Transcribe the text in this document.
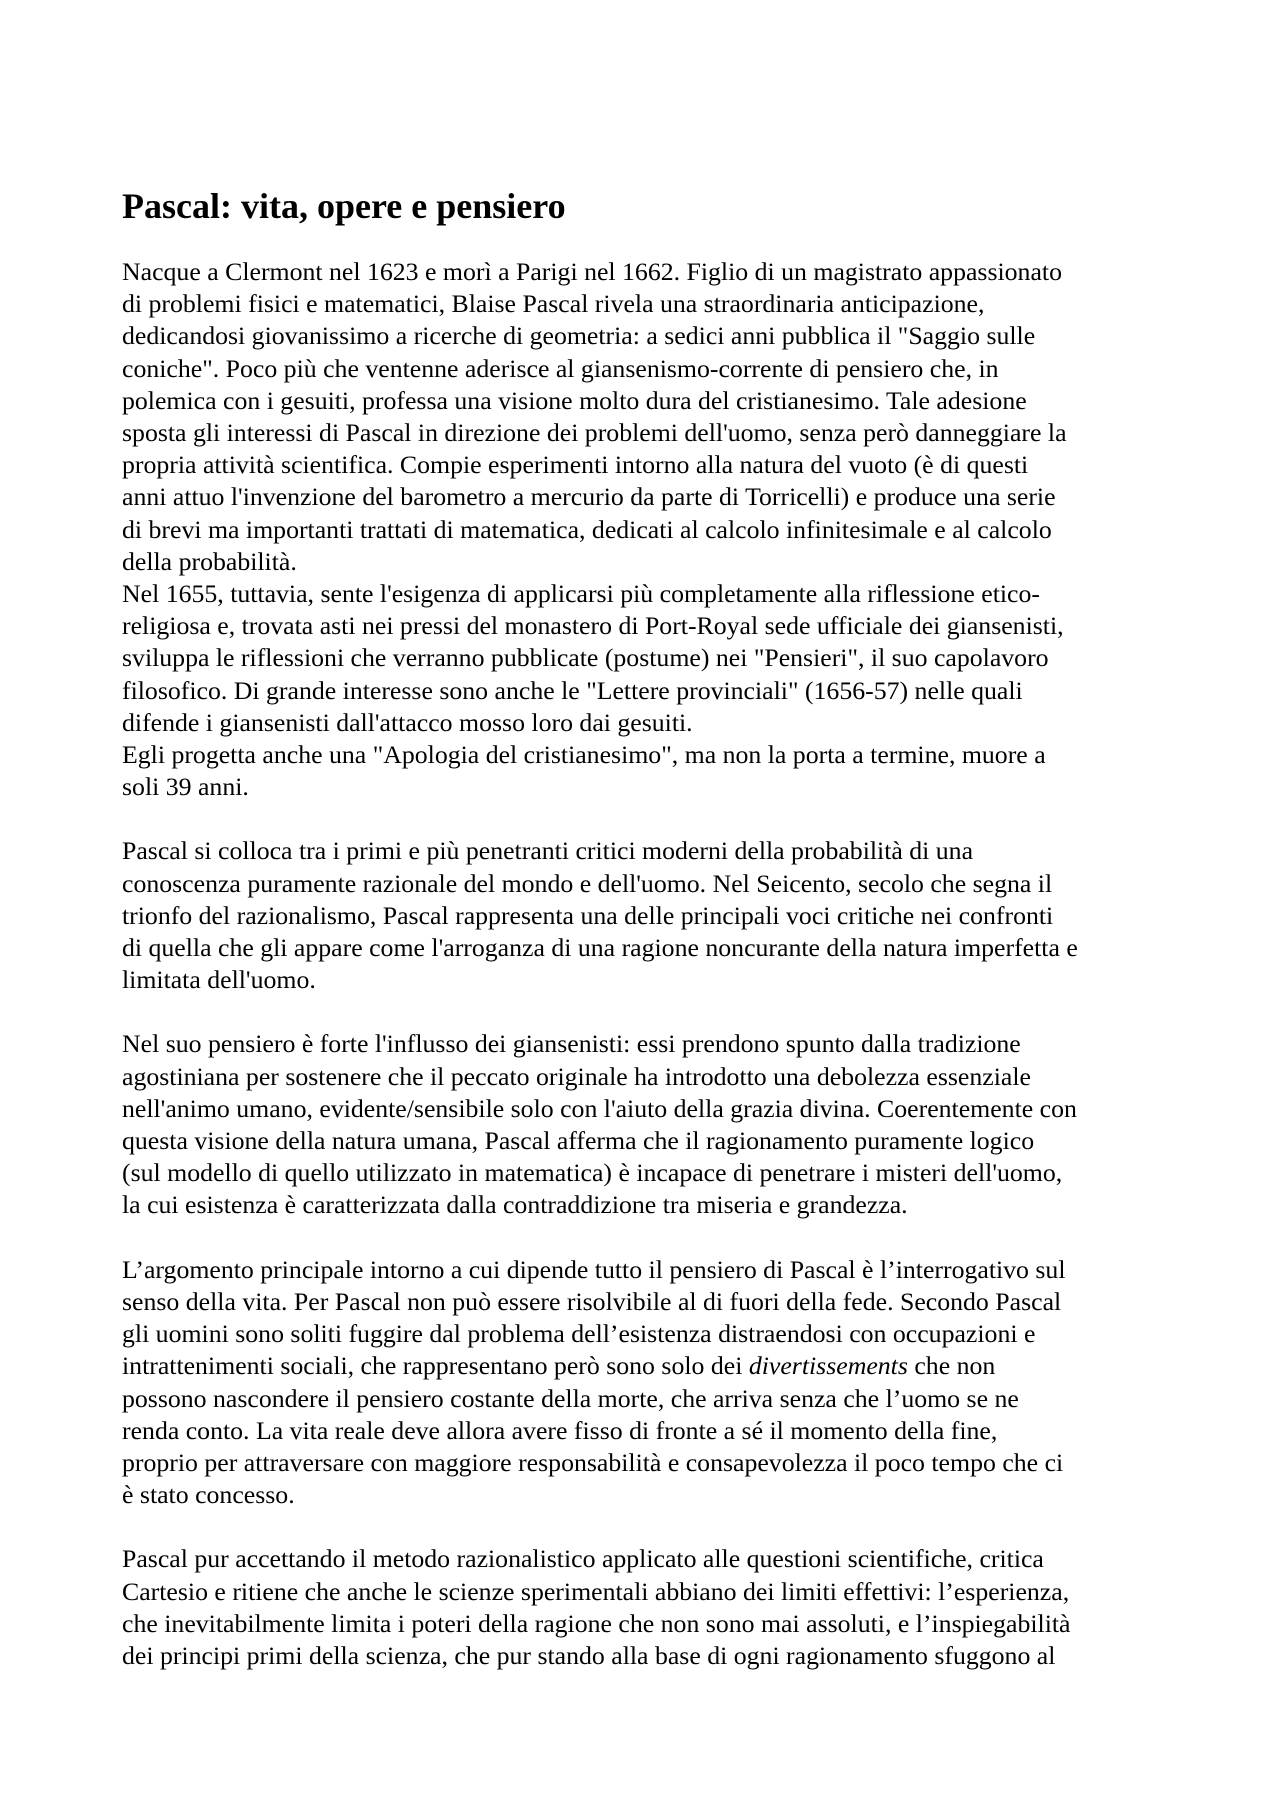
Pascal: vita, opere e pensiero

Nacque a Clermont nel 1623 e morì a Parigi nel 1662. Figlio di un magistrato appassionato
di problemi fisici e matematici, Blaise Pascal rivela una straordinaria anticipazione,
dedicandosi giovanissimo a ricerche di geometria: a sedici anni pubblica il "Saggio sulle
coniche". Poco più che ventenne aderisce al giansenismo-corrente di pensiero che, in
polemica con i gesuiti, professa una visione molto dura del cristianesimo. Tale adesione
sposta gli interessi di Pascal in direzione dei problemi dell'uomo, senza però danneggiare la
propria attività scientifica. Compie esperimenti intorno alla natura del vuoto (è di questi
anni attuo l'invenzione del barometro a mercurio da parte di Torricelli) e produce una serie
di brevi ma importanti trattati di matematica, dedicati al calcolo infinitesimale e al calcolo
della probabilità.
Nel 1655, tuttavia, sente l'esigenza di applicarsi più completamente alla riflessione etico-
religiosa e, trovata asti nei pressi del monastero di Port-Royal sede ufficiale dei giansenisti,
sviluppa le riflessioni che verranno pubblicate (postume) nei "Pensieri", il suo capolavoro
filosofico. Di grande interesse sono anche le "Lettere provinciali" (1656-57) nelle quali
difende i giansenisti dall'attacco mosso loro dai gesuiti.
Egli progetta anche una "Apologia del cristianesimo", ma non la porta a termine, muore a
soli 39 anni.

Pascal si colloca tra i primi e più penetranti critici moderni della probabilità di una
conoscenza puramente razionale del mondo e dell'uomo. Nel Seicento, secolo che segna il
trionfo del razionalismo, Pascal rappresenta una delle principali voci critiche nei confronti
di quella che gli appare come l'arroganza di una ragione noncurante della natura imperfetta e
limitata dell'uomo.

Nel suo pensiero è forte l'influsso dei giansenisti: essi prendono spunto dalla tradizione
agostiniana per sostenere che il peccato originale ha introdotto una debolezza essenziale
nell'animo umano, evidente/sensibile solo con l'aiuto della grazia divina. Coerentemente con
questa visione della natura umana, Pascal afferma che il ragionamento puramente logico
(sul modello di quello utilizzato in matematica) è incapace di penetrare i misteri dell'uomo,
la cui esistenza è caratterizzata dalla contraddizione tra miseria e grandezza.

L’argomento principale intorno a cui dipende tutto il pensiero di Pascal è l’interrogativo sul
senso della vita. Per Pascal non può essere risolvibile al di fuori della fede. Secondo Pascal
gli uomini sono soliti fuggire dal problema dell’esistenza distraendosi con occupazioni e
intrattenimenti sociali, che rappresentano però sono solo dei divertissements che non
possono nascondere il pensiero costante della morte, che arriva senza che l’uomo se ne
renda conto. La vita reale deve allora avere fisso di fronte a sé il momento della fine,
proprio per attraversare con maggiore responsabilità e consapevolezza il poco tempo che ci
è stato concesso.

Pascal pur accettando il metodo razionalistico applicato alle questioni scientifiche, critica
Cartesio e ritiene che anche le scienze sperimentali abbiano dei limiti effettivi: l’esperienza,
che inevitabilmente limita i poteri della ragione che non sono mai assoluti, e l’inspiegabilità
dei principi primi della scienza, che pur stando alla base di ogni ragionamento sfuggono al
